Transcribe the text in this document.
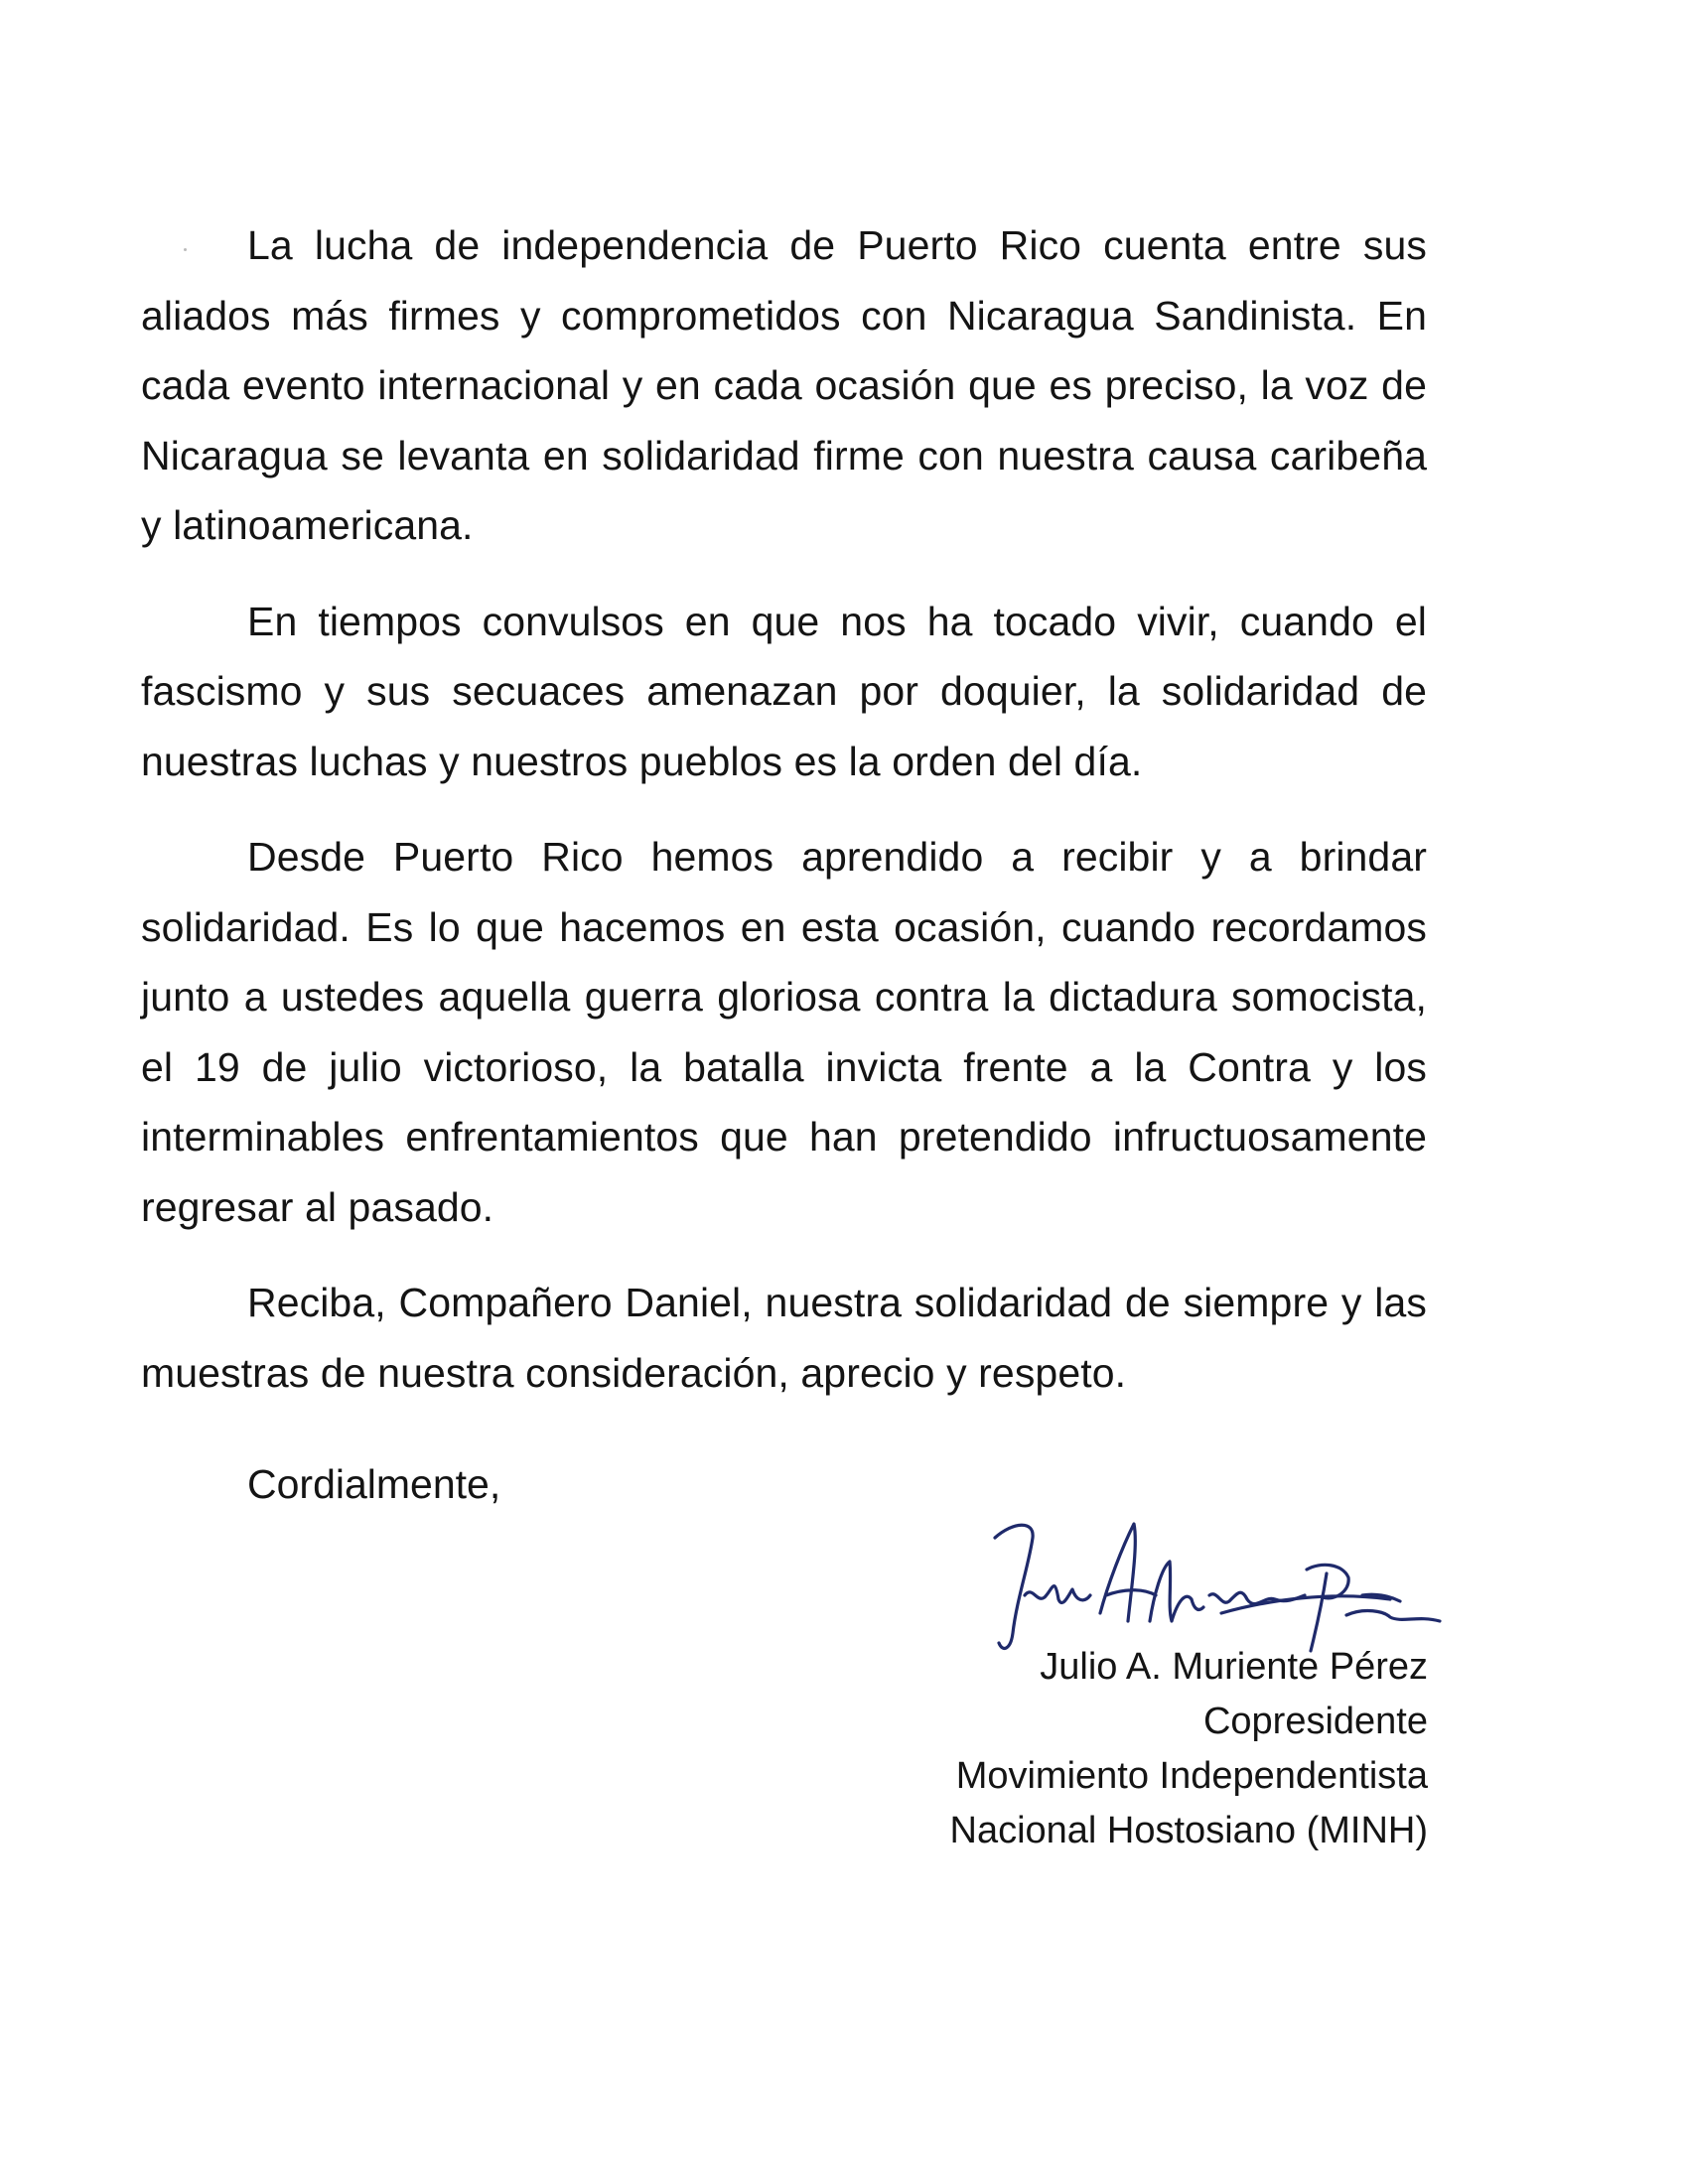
La lucha de independencia de Puerto Rico cuenta entre sus aliados más firmes y comprometidos con Nicaragua Sandinista. En cada evento internacional y en cada ocasión que es preciso, la voz de Nicaragua se levanta en solidaridad firme con nuestra causa caribeña y latinoamericana.

En tiempos convulsos en que nos ha tocado vivir, cuando el fascismo y sus secuaces amenazan por doquier, la solidaridad de nuestras luchas y nuestros pueblos es la orden del día.

Desde Puerto Rico hemos aprendido a recibir y a brindar solidaridad. Es lo que hacemos en esta ocasión, cuando recordamos junto a ustedes aquella guerra gloriosa contra la dictadura somocista, el 19 de julio victorioso, la batalla invicta frente a la Contra y los interminables enfrentamientos que han pretendido infructuosamente regresar al pasado.

Reciba, Compañero Daniel, nuestra solidaridad de siempre y las muestras de nuestra consideración, aprecio y respeto.

Cordialmente,

Julio A. Muriente Pérez
Copresidente
Movimiento Independentista
Nacional Hostosiano (MINH)
